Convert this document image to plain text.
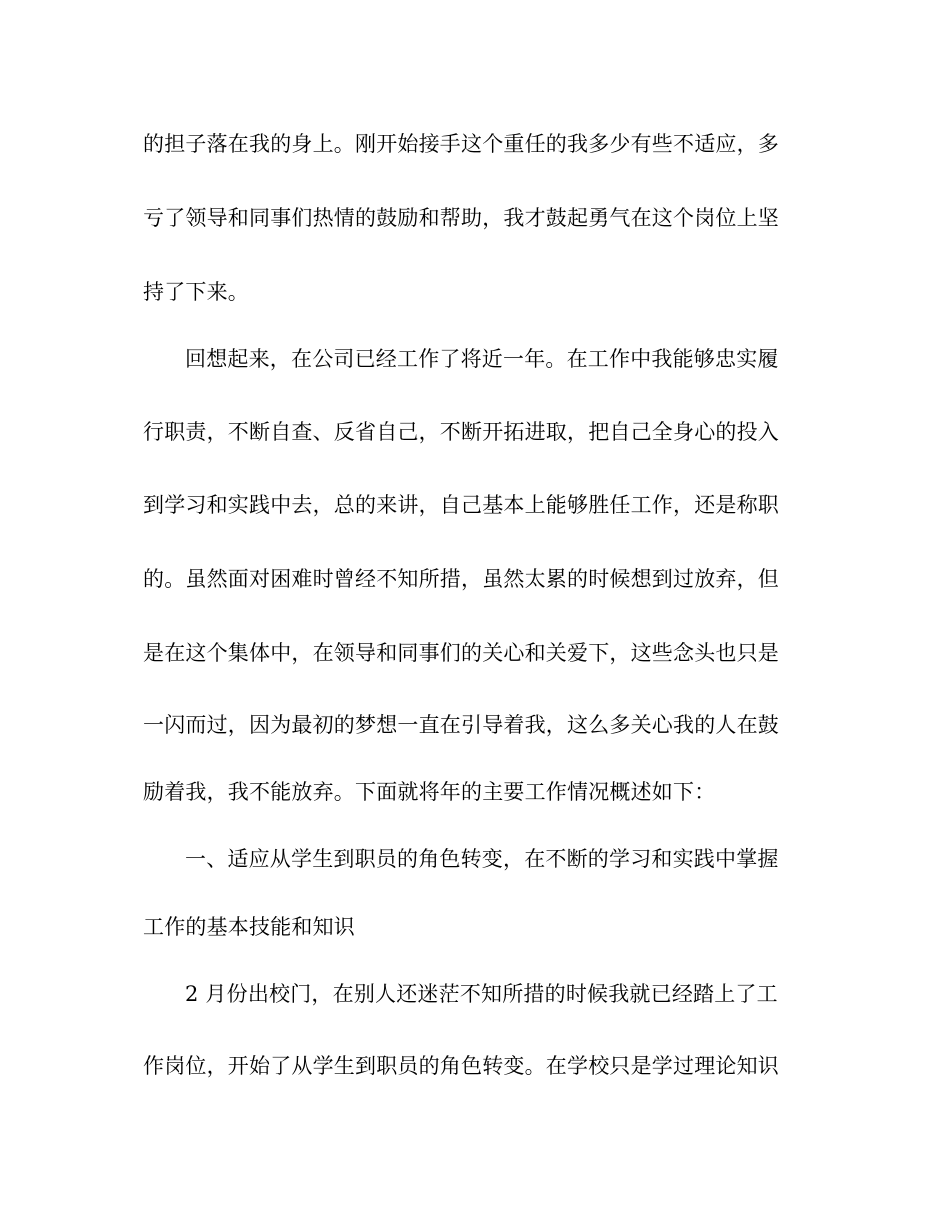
的担子落在我的身上。刚开始接手这个重任的我多少有些不适应，多
亏了领导和同事们热情的鼓励和帮助，我才鼓起勇气在这个岗位上坚
持了下来。
回想起来，在公司已经工作了将近一年。在工作中我能够忠实履
行职责，不断自查、反省自己，不断开拓进取，把自己全身心的投入
到学习和实践中去，总的来讲，自己基本上能够胜任工作，还是称职
的。虽然面对困难时曾经不知所措，虽然太累的时候想到过放弃，但
是在这个集体中，在领导和同事们的关心和关爱下，这些念头也只是
一闪而过，因为最初的梦想一直在引导着我，这么多关心我的人在鼓
励着我，我不能放弃。下面就将年的主要工作情况概述如下：
一、适应从学生到职员的角色转变，在不断的学习和实践中掌握
工作的基本技能和知识
2 月份出校门，在别人还迷茫不知所措的时候我就已经踏上了工
作岗位，开始了从学生到职员的角色转变。在学校只是学过理论知识
